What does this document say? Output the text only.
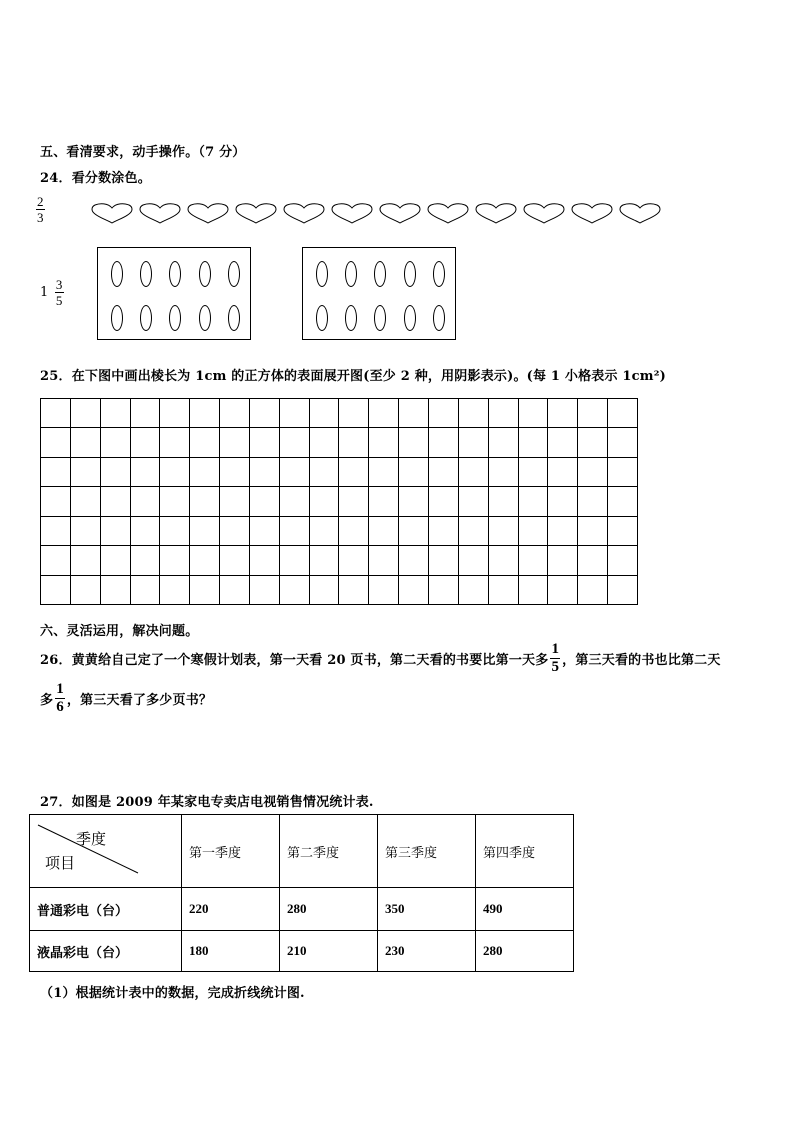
五、看清要求，动手操作。（7 分）
24．看分数涂色。
$\frac{2}{3}$
$1 \frac{3}{5}$
25．在下图中画出棱长为 1cm 的正方体的表面展开图(至少 2 种，用阴影表示)。(每 1 小格表示 1cm²)

六、灵活运用，解决问题。
26．黄黄给自己定了一个寒假计划表，第一天看 20 页书，第二天看的书要比第一天多 $\frac{1}{5}$ ，第三天看的书也比第二天
多 $\frac{1}{6}$ ，第三天看了多少页书？
27．如图是 2009 年某家电专卖店电视销售情况统计表.
季度
项目	第一季度	第二季度	第三季度	第四季度
普通彩电（台）	220	280	350	490
液晶彩电（台）	180	210	230	280
（1）根据统计表中的数据，完成折线统计图.
